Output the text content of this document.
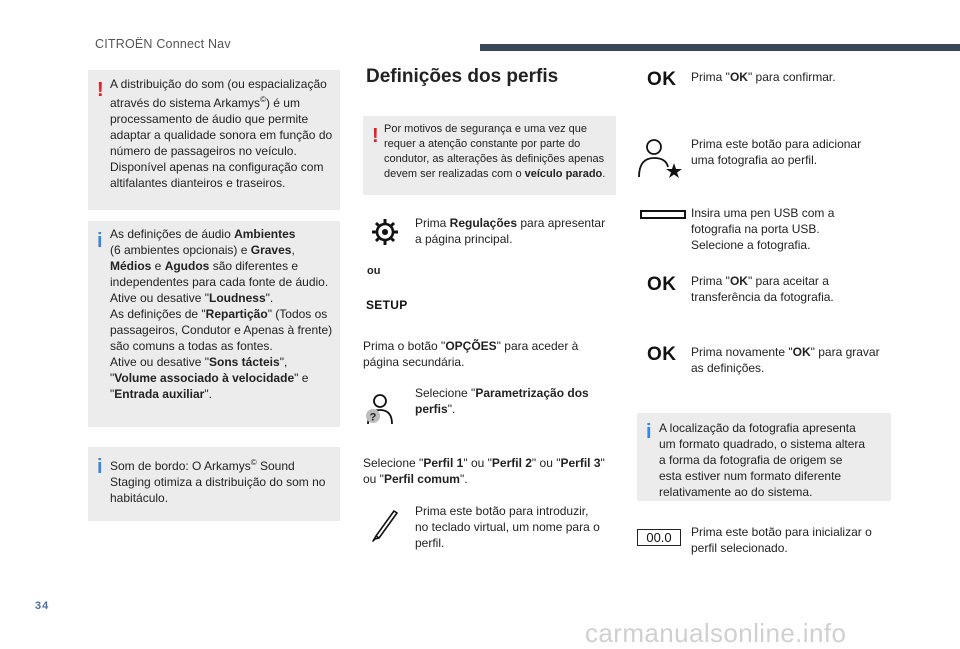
CITROËN Connect Nav
! A distribuição do som (ou espacialização

através do sistema Arkamys©) é um

processamento de áudio que permite

adaptar a qualidade sonora em função do

número de passageiros no veículo.

Disponível apenas na configuração com

altifalantes dianteiros e traseiros.

i As definições de áudio Ambientes

(6 ambientes opcionais) e Graves,

Médios e Agudos são diferentes e

independentes para cada fonte de áudio.

Ative ou desative "Loudness".

As definições de "Repartição" (Todos os

passageiros, Condutor e Apenas à frente)

são comuns a todas as fontes.

Ative ou desative "Sons tácteis",

"Volume associado à velocidade" e

"Entrada auxiliar".

i Som de bordo: O Arkamys© Sound

Staging otimiza a distribuição do som no

habitáculo.

Definições dos perfis
! Por motivos de segurança e uma vez que

requer a atenção constante por parte do

condutor, as alterações às definições apenas

devem ser realizadas com o veículo parado.

Prima Regulações para apresentar
a página principal.
ou
SETUP
Prima o botão "OPÇÕES" para aceder à
página secundária.
?
Selecione "Parametrização dos
perfis".
Selecione "Perfil 1" ou "Perfil 2" ou "Perfil 3"
ou "Perfil comum".
Prima este botão para introduzir,
no teclado virtual, um nome para o
perfil.
OK Prima "OK" para confirmar.
Prima este botão para adicionar
uma fotografia ao perfil.
Insira uma pen USB com a
fotografia na porta USB.
Selecione a fotografia.
OK Prima "OK" para aceitar a
transferência da fotografia.
OK Prima novamente "OK" para gravar
as definições.
i A localização da fotografia apresenta

um formato quadrado, o sistema altera

a forma da fotografia de origem se

esta estiver num formato diferente

relativamente ao do sistema.

00.0	Prima este botão para inicializar o
perfil selecionado.
34
carmanualsonline.info
